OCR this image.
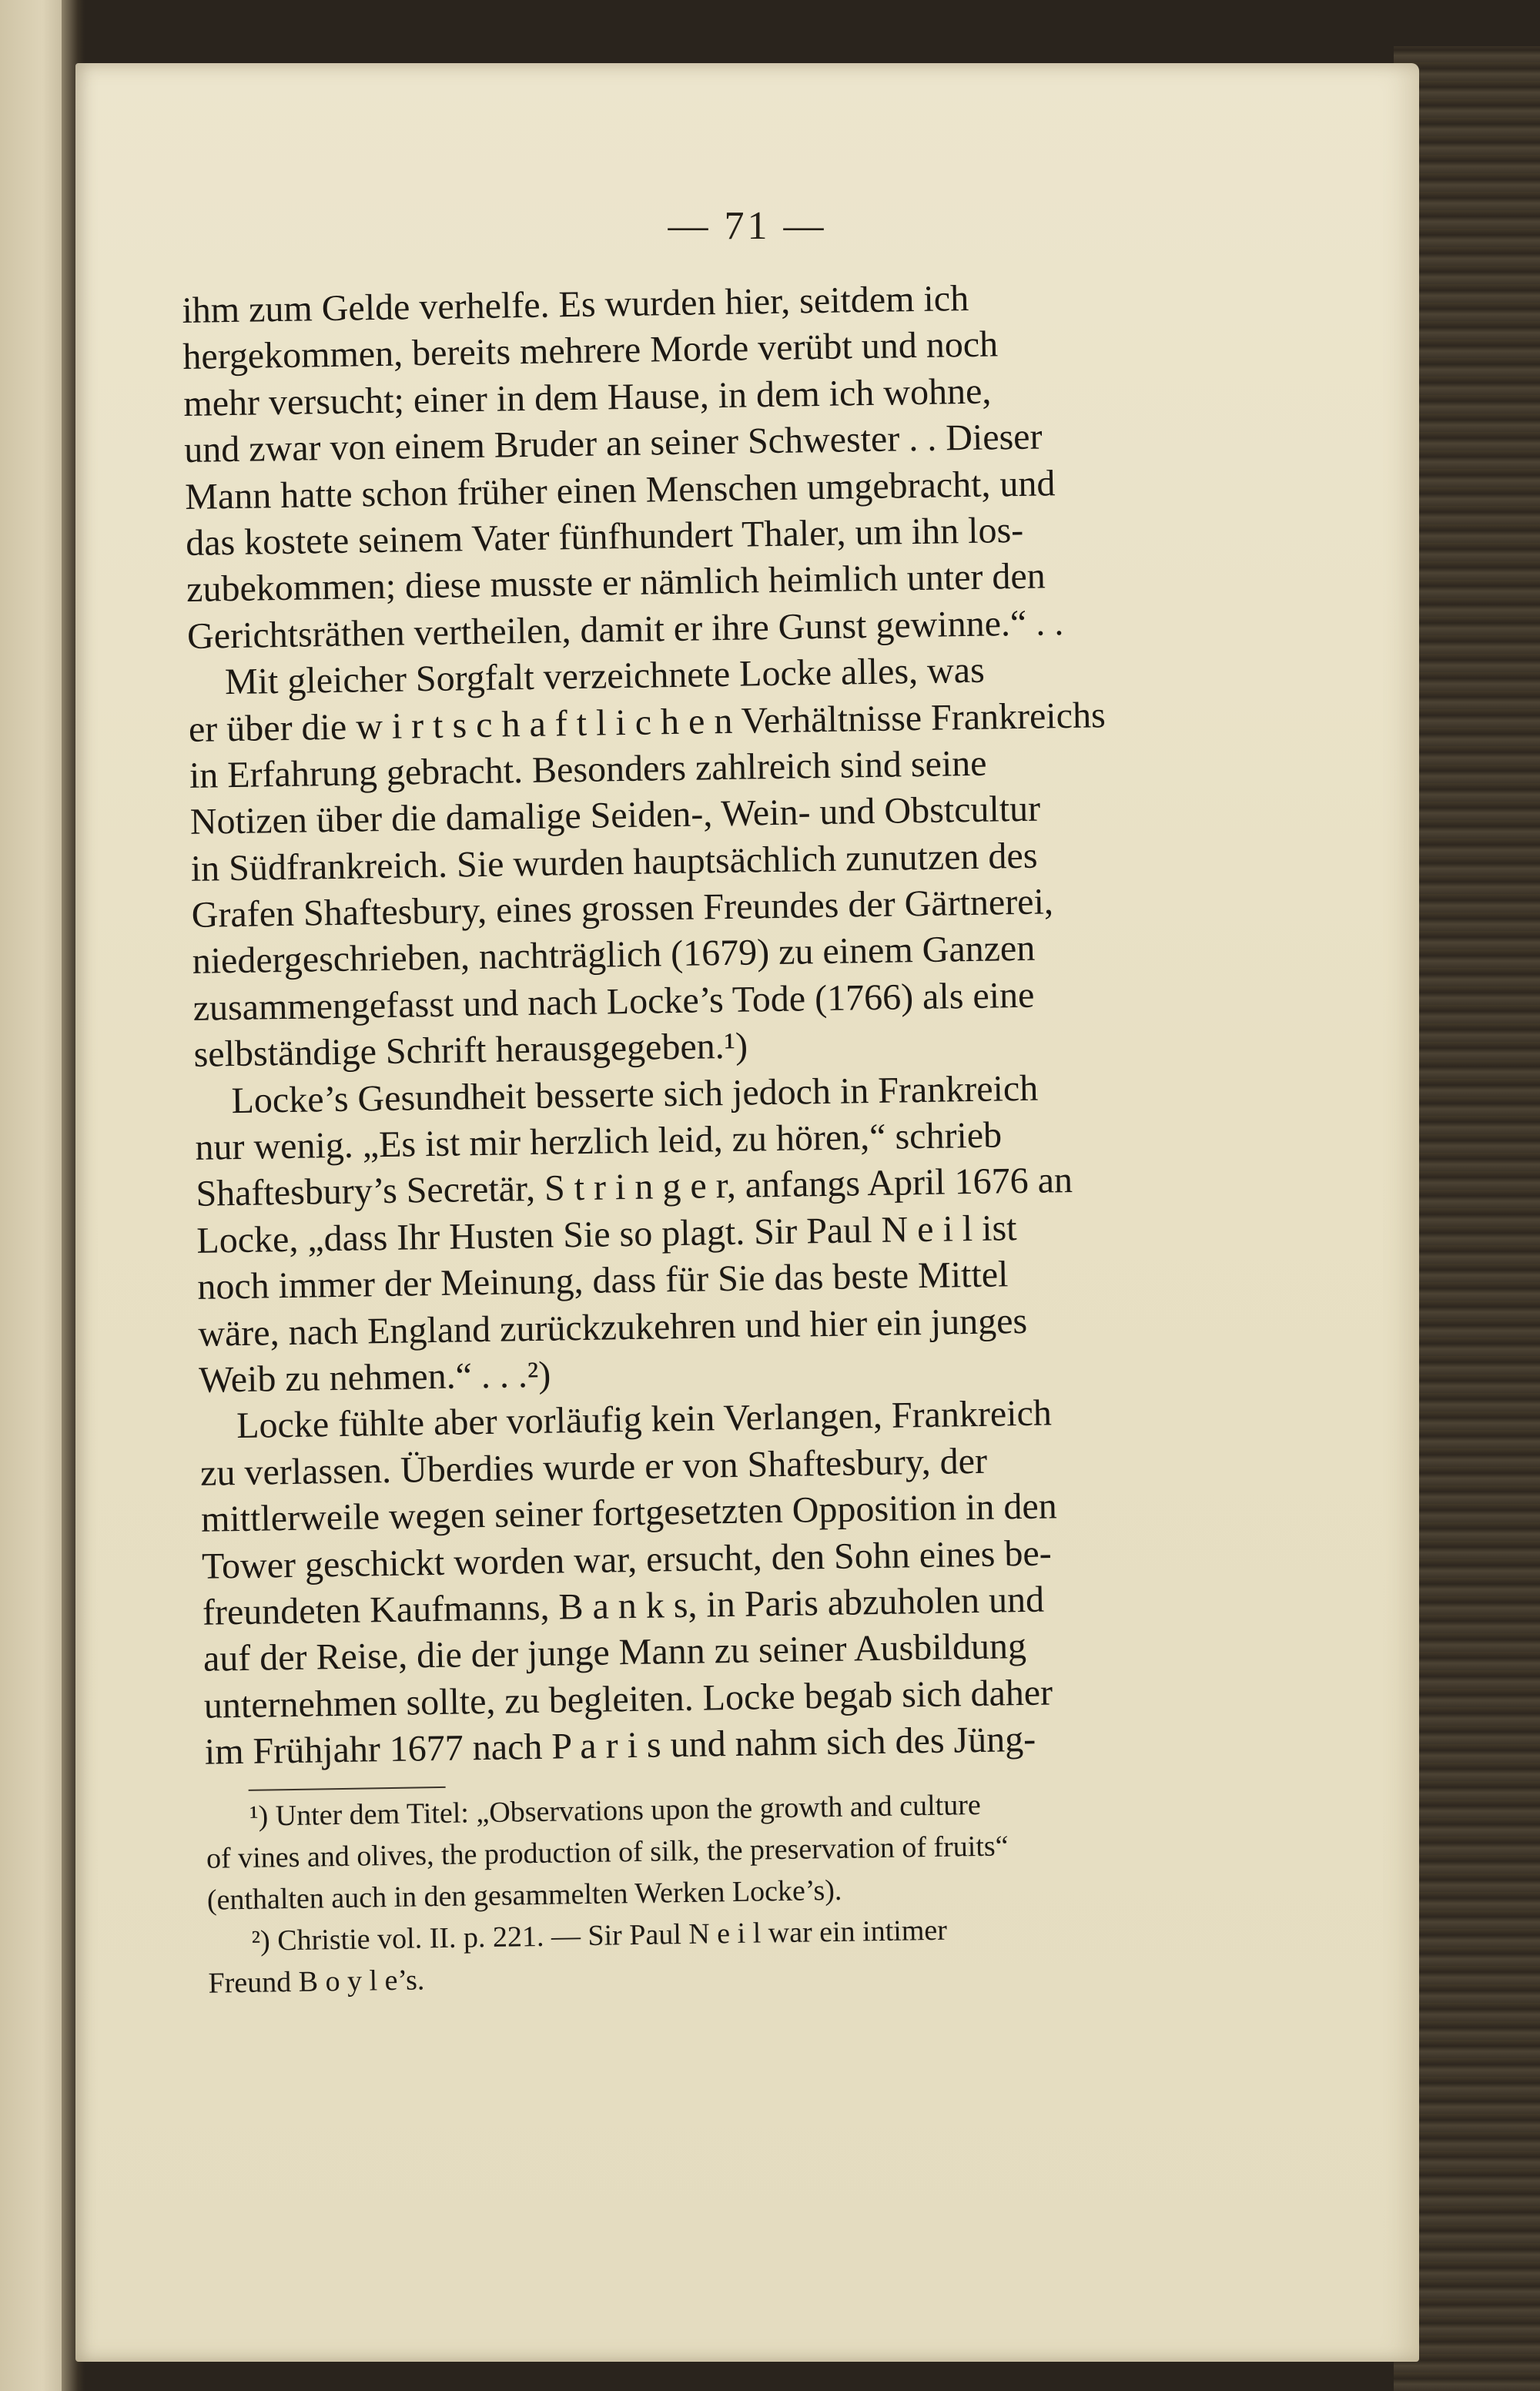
— 71 —
ihm zum Gelde verhelfe. Es wurden hier, seitdem ich
hergekommen, bereits mehrere Morde verübt und noch
mehr versucht; einer in dem Hause, in dem ich wohne,
und zwar von einem Bruder an seiner Schwester . . Dieser
Mann hatte schon früher einen Menschen umgebracht, und
das kostete seinem Vater fünfhundert Thaler, um ihn los-
zubekommen; diese musste er nämlich heimlich unter den
Gerichtsräthen vertheilen, damit er ihre Gunst gewinne.“ . .
Mit gleicher Sorgfalt verzeichnete Locke alles, was
er über die w i r t s c h a f t l i c h e n Verhältnisse Frankreichs
in Erfahrung gebracht. Besonders zahlreich sind seine
Notizen über die damalige Seiden-, Wein- und Obstcultur
in Südfrankreich. Sie wurden hauptsächlich zunutzen des
Grafen Shaftesbury, eines grossen Freundes der Gärtnerei,
niedergeschrieben, nachträglich (1679) zu einem Ganzen
zusammengefasst und nach Locke’s Tode (1766) als eine
selbständige Schrift herausgegeben.¹)
Locke’s Gesundheit besserte sich jedoch in Frankreich
nur wenig. „Es ist mir herzlich leid, zu hören,“ schrieb
Shaftesbury’s Secretär, S t r i n g e r, anfangs April 1676 an
Locke, „dass Ihr Husten Sie so plagt. Sir Paul N e i l ist
noch immer der Meinung, dass für Sie das beste Mittel
wäre, nach England zurückzukehren und hier ein junges
Weib zu nehmen.“ . . .²)
Locke fühlte aber vorläufig kein Verlangen, Frankreich
zu verlassen. Überdies wurde er von Shaftesbury, der
mittlerweile wegen seiner fortgesetzten Opposition in den
Tower geschickt worden war, ersucht, den Sohn eines be-
freundeten Kaufmanns, B a n k s, in Paris abzuholen und
auf der Reise, die der junge Mann zu seiner Ausbildung
unternehmen sollte, zu begleiten. Locke begab sich daher
im Frühjahr 1677 nach P a r i s und nahm sich des Jüng-
¹) Unter dem Titel: „Observations upon the growth and culture
of vines and olives, the production of silk, the preservation of fruits“
(enthalten auch in den gesammelten Werken Locke’s).
²) Christie vol. II. p. 221. — Sir Paul N e i l war ein intimer
Freund B o y l e’s.
